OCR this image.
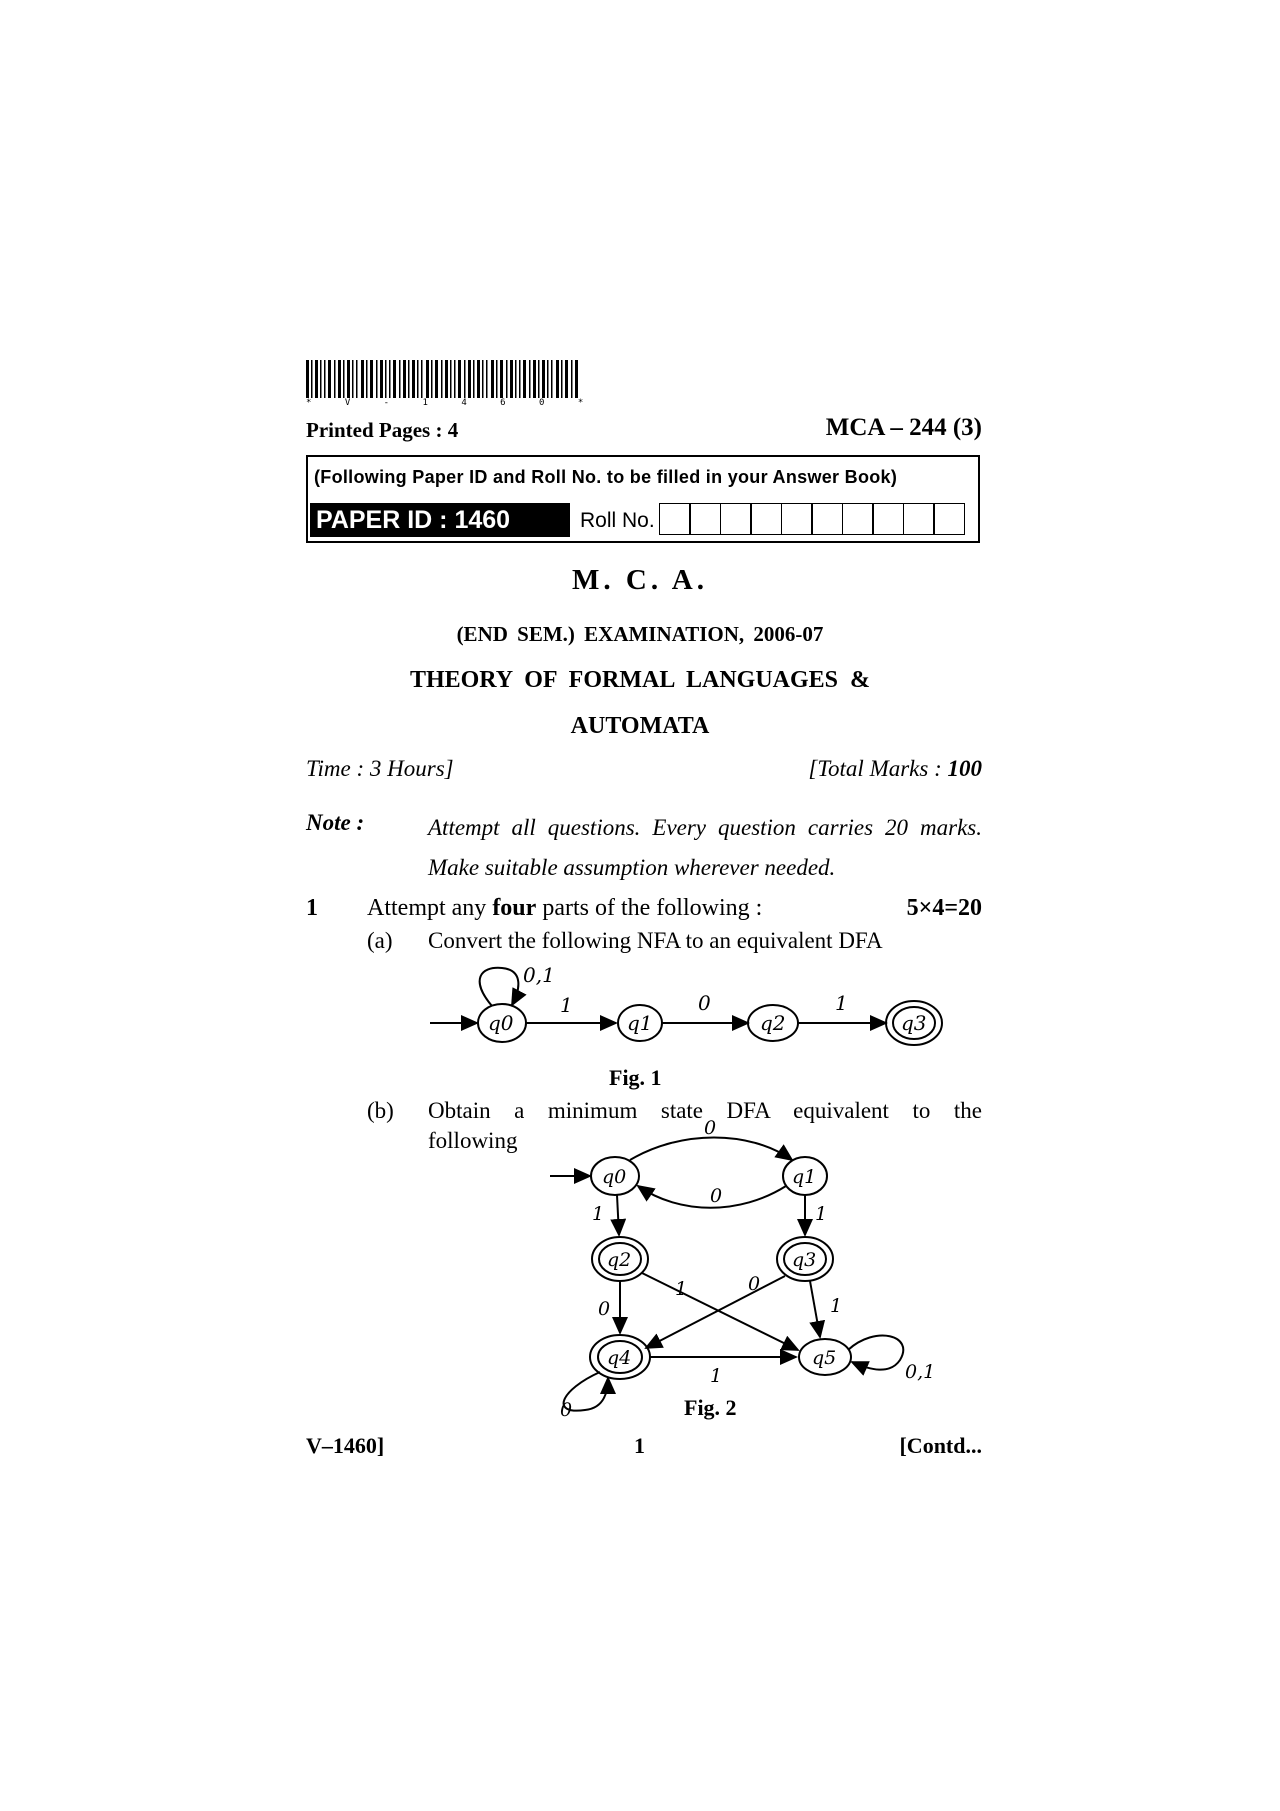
* V - 1 4 6 0 *
Printed Pages : 4	MCA – 244 (3)
(Following Paper ID and Roll No. to be filled in your Answer Book)
PAPER ID : 1460	Roll No.
M. C. A.
(END SEM.) EXAMINATION, 2006-07
THEORY OF FORMAL LANGUAGES &
AUTOMATA
Time : 3 Hours]	[Total Marks : 100
Note :	Attempt all questions. Every question carries 20 marks. Make suitable assumption wherever needed.
1 Attempt any four parts of the following :	5×4=20
(a) Convert the following NFA to an equivalent DFA
q0	q1	q2	q3
0,1
1	0	1
Fig. 1
(b) Obtain a minimum state DFA equivalent to the
following
q0	q1
q2	q3
q4	q5
0
0
1	1
0
1	0
1
1
0,1
0	Fig. 2
V–1460]	1	[Contd...
